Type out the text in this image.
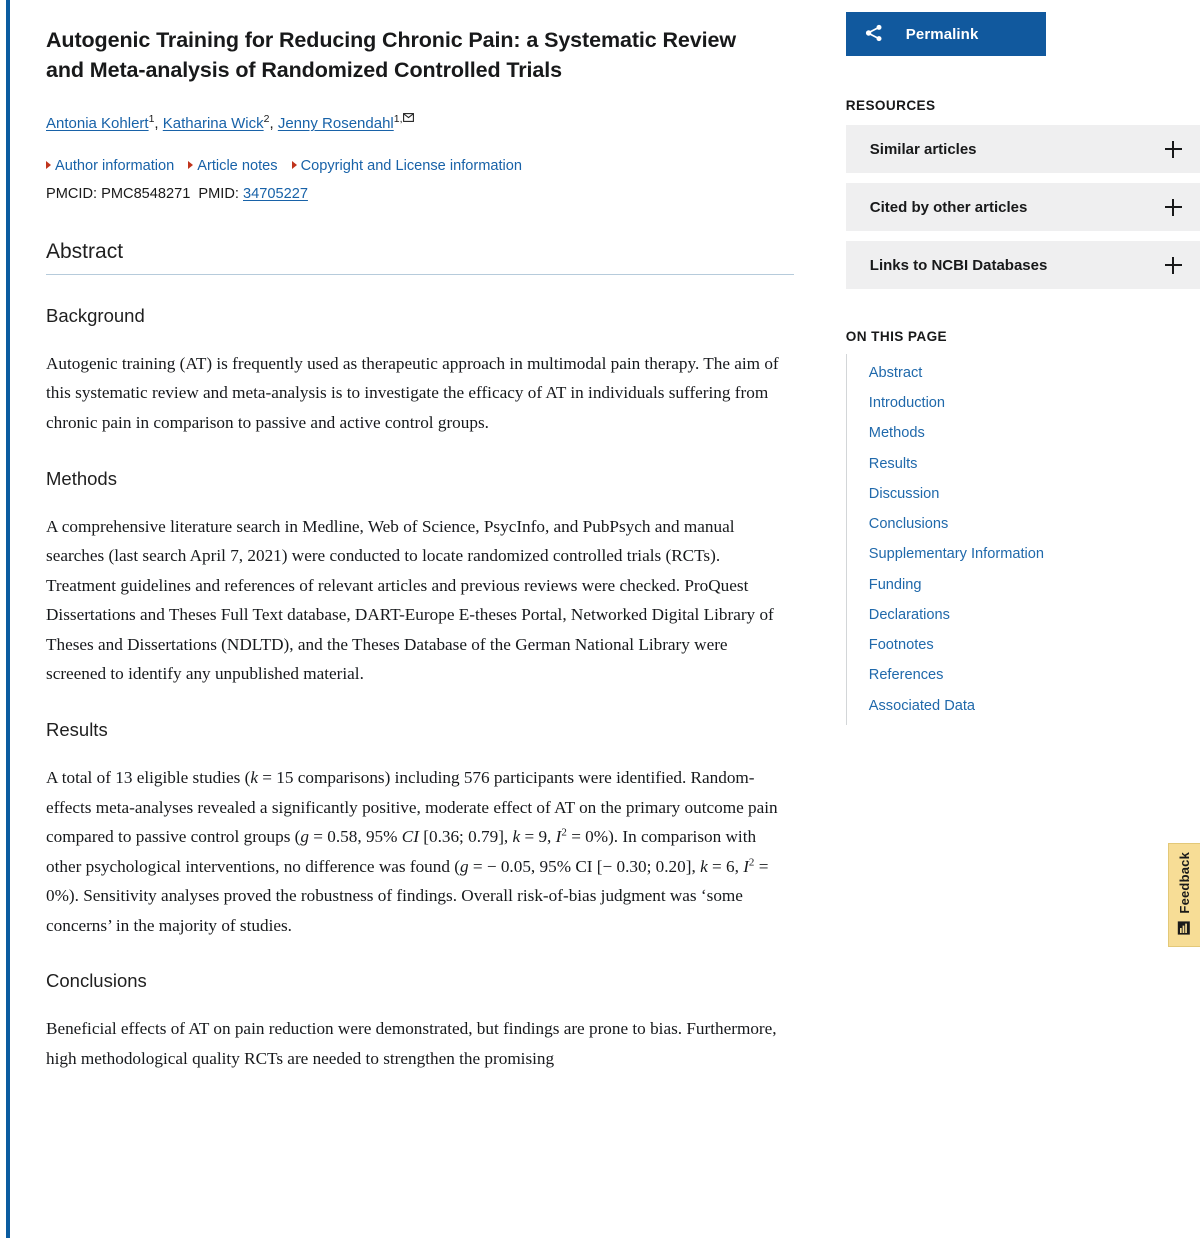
Autogenic Training for Reducing Chronic Pain: a Systematic Review and Meta-analysis of Randomized Controlled Trials
Antonia Kohlert$^1$, Katharina Wick$^2$, Jenny Rosendahl$^{1,}$
Author information Article notes Copyright and License information
PMCID: PMC8548271 PMID: 34705227
Abstract
Background

Autogenic training (AT) is frequently used as therapeutic approach in multimodal pain therapy. The aim of this systematic review and meta-analysis is to investigate the efficacy of AT in individuals suffering from chronic pain in comparison to passive and active control groups.

Methods

A comprehensive literature search in Medline, Web of Science, PsycInfo, and PubPsych and manual searches (last search April 7, 2021) were conducted to locate randomized controlled trials (RCTs). Treatment guidelines and references of relevant articles and previous reviews were checked. ProQuest Dissertations and Theses Full Text database, DART-Europe E-theses Portal, Networked Digital Library of Theses and Dissertations (NDLTD), and the Theses Database of the German National Library were screened to identify any unpublished material.

Results

A total of 13 eligible studies (k = 15 comparisons) including 576 participants were identified. Random-effects meta-analyses revealed a significantly positive, moderate effect of AT on the primary outcome pain compared to passive control groups (g = 0.58, 95% CI [0.36; 0.79], k = 9, $I^2 = 0\%$). In comparison with other psychological interventions, no difference was found (g = − 0.05, 95% CI [− 0.30; 0.20], k = 6, $I^2 = 0\%$). Sensitivity analyses proved the robustness of findings. Overall risk-of-bias judgment was ‘some concerns’ in the majority of studies.

Conclusions

Beneficial effects of AT on pain reduction were demonstrated, but findings are prone to bias. Furthermore, high methodological quality RCTs are needed to strengthen the promising

Permalink
RESOURCES
Similar articles
Cited by other articles
Links to NCBI Databases
ON THIS PAGE
Abstract
Introduction
Methods
Results
Discussion
Conclusions
Supplementary Information
Funding
Declarations
Footnotes
References
Associated Data
Feedback
